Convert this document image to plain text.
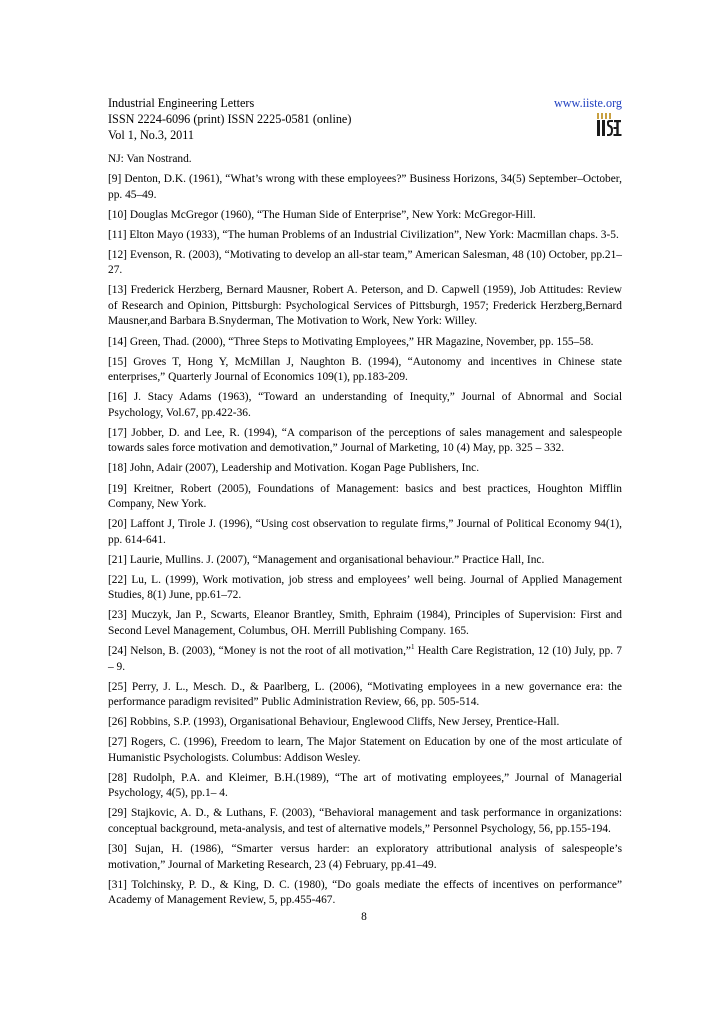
Industrial Engineering Letters
ISSN 2224-6096 (print) ISSN 2225-0581 (online)
Vol 1, No.3, 2011
www.iiste.org
NJ: Van Nostrand.
[9] Denton, D.K. (1961), “What’s wrong with these employees?” Business Horizons, 34(5) September–October, pp. 45–49.
[10] Douglas McGregor (1960), “The Human Side of Enterprise”, New York: McGregor-Hill.
[11] Elton Mayo (1933), “The human Problems of an Industrial Civilization”, New York: Macmillan chaps. 3-5.
[12] Evenson, R. (2003), “Motivating to develop an all-star team,” American Salesman, 48 (10) October, pp.21–27.
[13] Frederick Herzberg, Bernard Mausner, Robert A. Peterson, and D. Capwell (1959), Job Attitudes: Review of Research and Opinion, Pittsburgh: Psychological Services of Pittsburgh, 1957; Frederick Herzberg,Bernard Mausner,and Barbara B.Snyderman, The Motivation to Work, New York: Willey.
[14] Green, Thad. (2000), “Three Steps to Motivating Employees,” HR Magazine, November, pp. 155–58.
[15] Groves T, Hong Y, McMillan J, Naughton B. (1994), “Autonomy and incentives in Chinese state enterprises,” Quarterly Journal of Economics 109(1), pp.183-209.
[16] J. Stacy Adams (1963), “Toward an understanding of Inequity,” Journal of Abnormal and Social Psychology, Vol.67, pp.422-36.
[17] Jobber, D. and Lee, R. (1994), “A comparison of the perceptions of sales management and salespeople towards sales force motivation and demotivation,” Journal of Marketing, 10 (4) May, pp. 325 – 332.
[18] John, Adair (2007), Leadership and Motivation. Kogan Page Publishers, Inc.
[19] Kreitner, Robert (2005), Foundations of Management: basics and best practices, Houghton Mifflin Company, New York.
[20] Laffont J, Tirole J. (1996), “Using cost observation to regulate firms,” Journal of Political Economy 94(1), pp. 614-641.
[21] Laurie, Mullins. J. (2007), “Management and organisational behaviour.” Practice Hall, Inc.
[22] Lu, L. (1999), Work motivation, job stress and employees’ well being. Journal of Applied Management Studies, 8(1) June, pp.61–72.
[23] Muczyk, Jan P., Scwarts, Eleanor Brantley, Smith, Ephraim (1984), Principles of Supervision: First and Second Level Management, Columbus, OH. Merrill Publishing Company. 165.
[24] Nelson, B. (2003), “Money is not the root of all motivation,”$^1$ Health Care Registration, 12 (10) July, pp. 7 – 9.
[25] Perry, J. L., Mesch. D., & Paarlberg, L. (2006), “Motivating employees in a new governance era: the performance paradigm revisited” Public Administration Review, 66, pp. 505-514.
[26] Robbins, S.P. (1993), Organisational Behaviour, Englewood Cliffs, New Jersey, Prentice-Hall.
[27] Rogers, C. (1996), Freedom to learn, The Major Statement on Education by one of the most articulate of Humanistic Psychologists. Columbus: Addison Wesley.
[28] Rudolph, P.A. and Kleimer, B.H.(1989), “The art of motivating employees,” Journal of Managerial Psychology, 4(5), pp.1– 4.
[29] Stajkovic, A. D., & Luthans, F. (2003), “Behavioral management and task performance in organizations: conceptual background, meta-analysis, and test of alternative models,” Personnel Psychology, 56, pp.155-194.
[30] Sujan, H. (1986), “Smarter versus harder: an exploratory attributional analysis of salespeople’s motivation,” Journal of Marketing Research, 23 (4) February, pp.41–49.
[31] Tolchinsky, P. D., & King, D. C. (1980), “Do goals mediate the effects of incentives on performance” Academy of Management Review, 5, pp.455-467.
8
